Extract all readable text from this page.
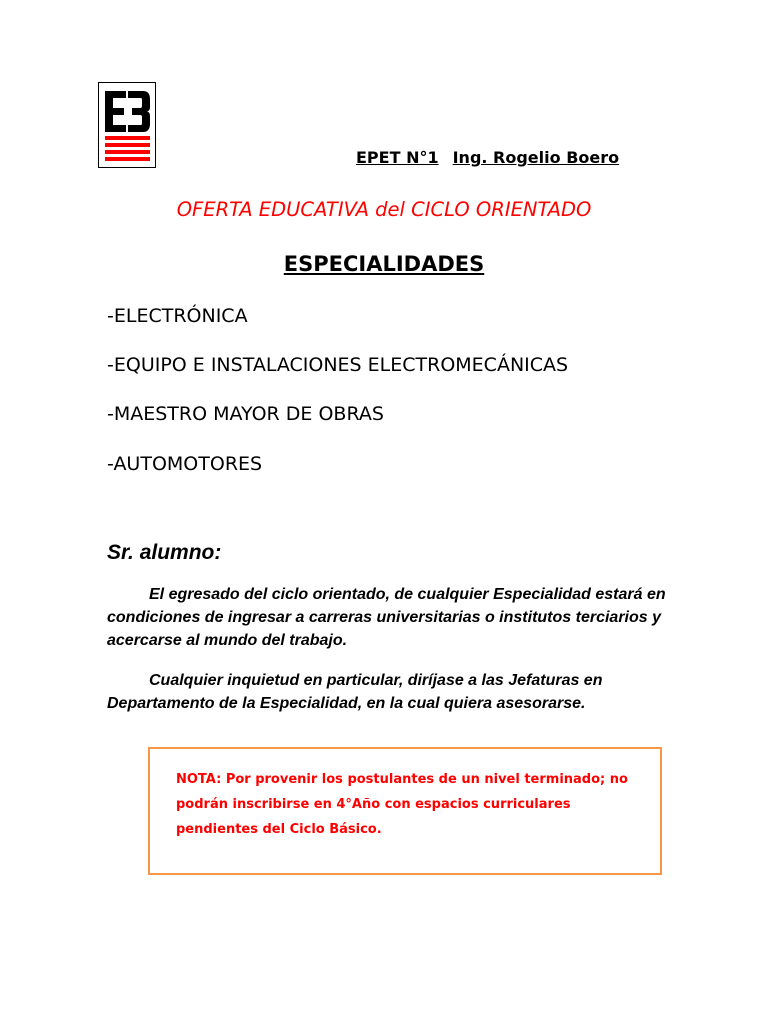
EPET N°1 Ing. Rogelio Boero
OFERTA EDUCATIVA del CICLO ORIENTADO
ESPECIALIDADES
-ELECTRÓNICA
-EQUIPO E INSTALACIONES ELECTROMECÁNICAS
-MAESTRO MAYOR DE OBRAS
-AUTOMOTORES
Sr. alumno:
El egresado del ciclo orientado, de cualquier Especialidad estará en condiciones de ingresar a carreras universitarias o institutos terciarios y acercarse al mundo del trabajo.
Cualquier inquietud en particular, diríjase a las Jefaturas en Departamento de la Especialidad, en la cual quiera asesorarse.
NOTA: Por provenir los postulantes de un nivel terminado; no podrán inscribirse en 4°Año con espacios curriculares pendientes del Ciclo Básico.
